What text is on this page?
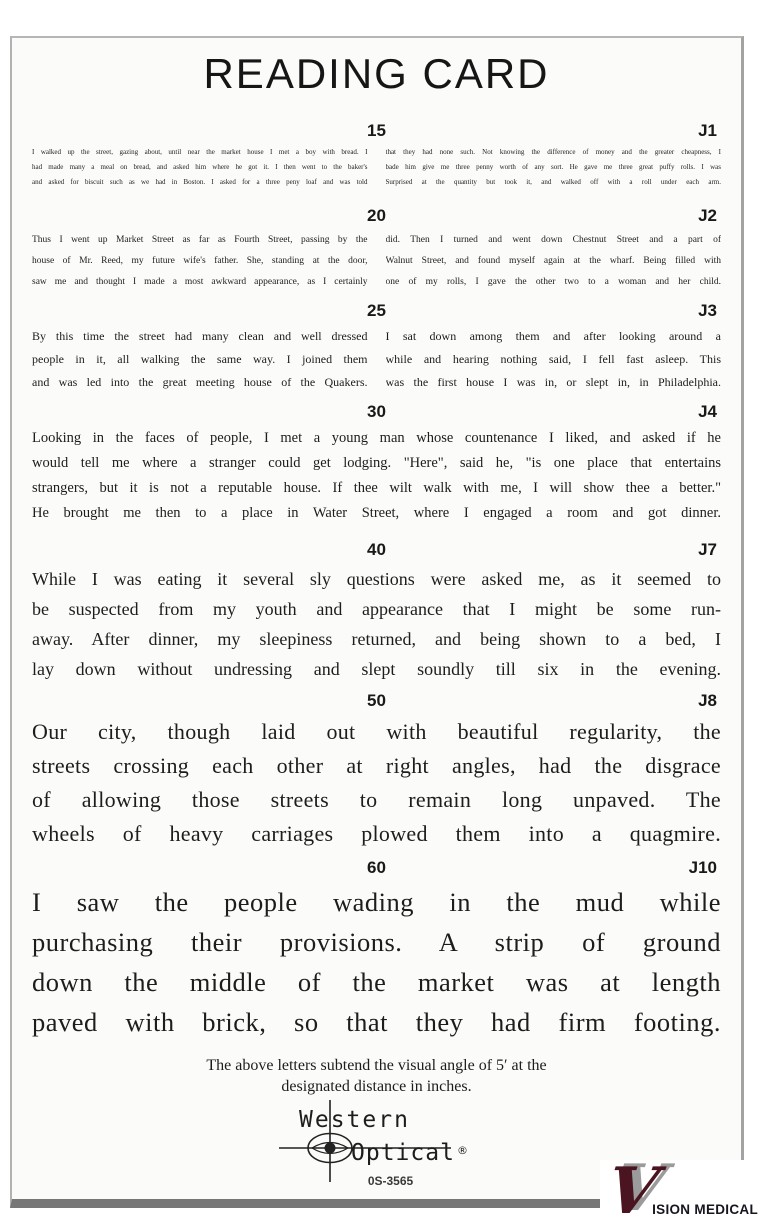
READING CARD
15	J1
I walked up the street, gazing about, until near the market house I met a boy with bread. I
had made many a meal on bread, and asked him where he got it. I then went to the baker's
and asked for biscuit such as we had in Boston. I asked for a three peny loaf and was told
that they had none such. Not knowing the difference of money and the greater cheapness, I
bade him give me three penny worth of any sort. He gave me three great puffy rolls. I was
Surprised at the quantity but took it, and walked off with a roll under each arm.
20	J2
Thus I went up Market Street as far as Fourth Street, passing by the
house of Mr. Reed, my future wife's father. She, standing at the door,
saw me and thought I made a most awkward appearance, as I certainly
did. Then I turned and went down Chestnut Street and a part of
Walnut Street, and found myself again at the wharf. Being filled with
one of my rolls, I gave the other two to a woman and her child.
25	J3
By this time the street had many clean and well dressed
people in it, all walking the same way. I joined them
and was led into the great meeting house of the Quakers.
I sat down among them and after looking around a
while and hearing nothing said, I fell fast asleep. This
was the first house I was in, or slept in, in Philadelphia.
30	J4
Looking in the faces of people, I met a young man whose countenance I liked, and asked if he
would tell me where a stranger could get lodging. "Here", said he, "is one place that entertains
strangers, but it is not a reputable house. If thee wilt walk with me, I will show thee a better."
He brought me then to a place in Water Street, where I engaged a room and got dinner.
40	J7
While I was eating it several sly questions were asked me, as it seemed to
be suspected from my youth and appearance that I might be some run-
away. After dinner, my sleepiness returned, and being shown to a bed, I
lay down without undressing and slept soundly till six in the evening.
50	J8
Our city, though laid out with beautiful regularity, the
streets crossing each other at right angles, had the disgrace
of allowing those streets to remain long unpaved. The
wheels of heavy carriages plowed them into a quagmire.
60	J10
I saw the people wading in the mud while
purchasing their provisions. A strip of ground
down the middle of the market was at length
paved with brick, so that they had firm footing.
The above letters subtend the visual angle of 5′ at the
designated distance in inches.
Western
Optical ®
0S-3565	V
ISION MEDICAL
